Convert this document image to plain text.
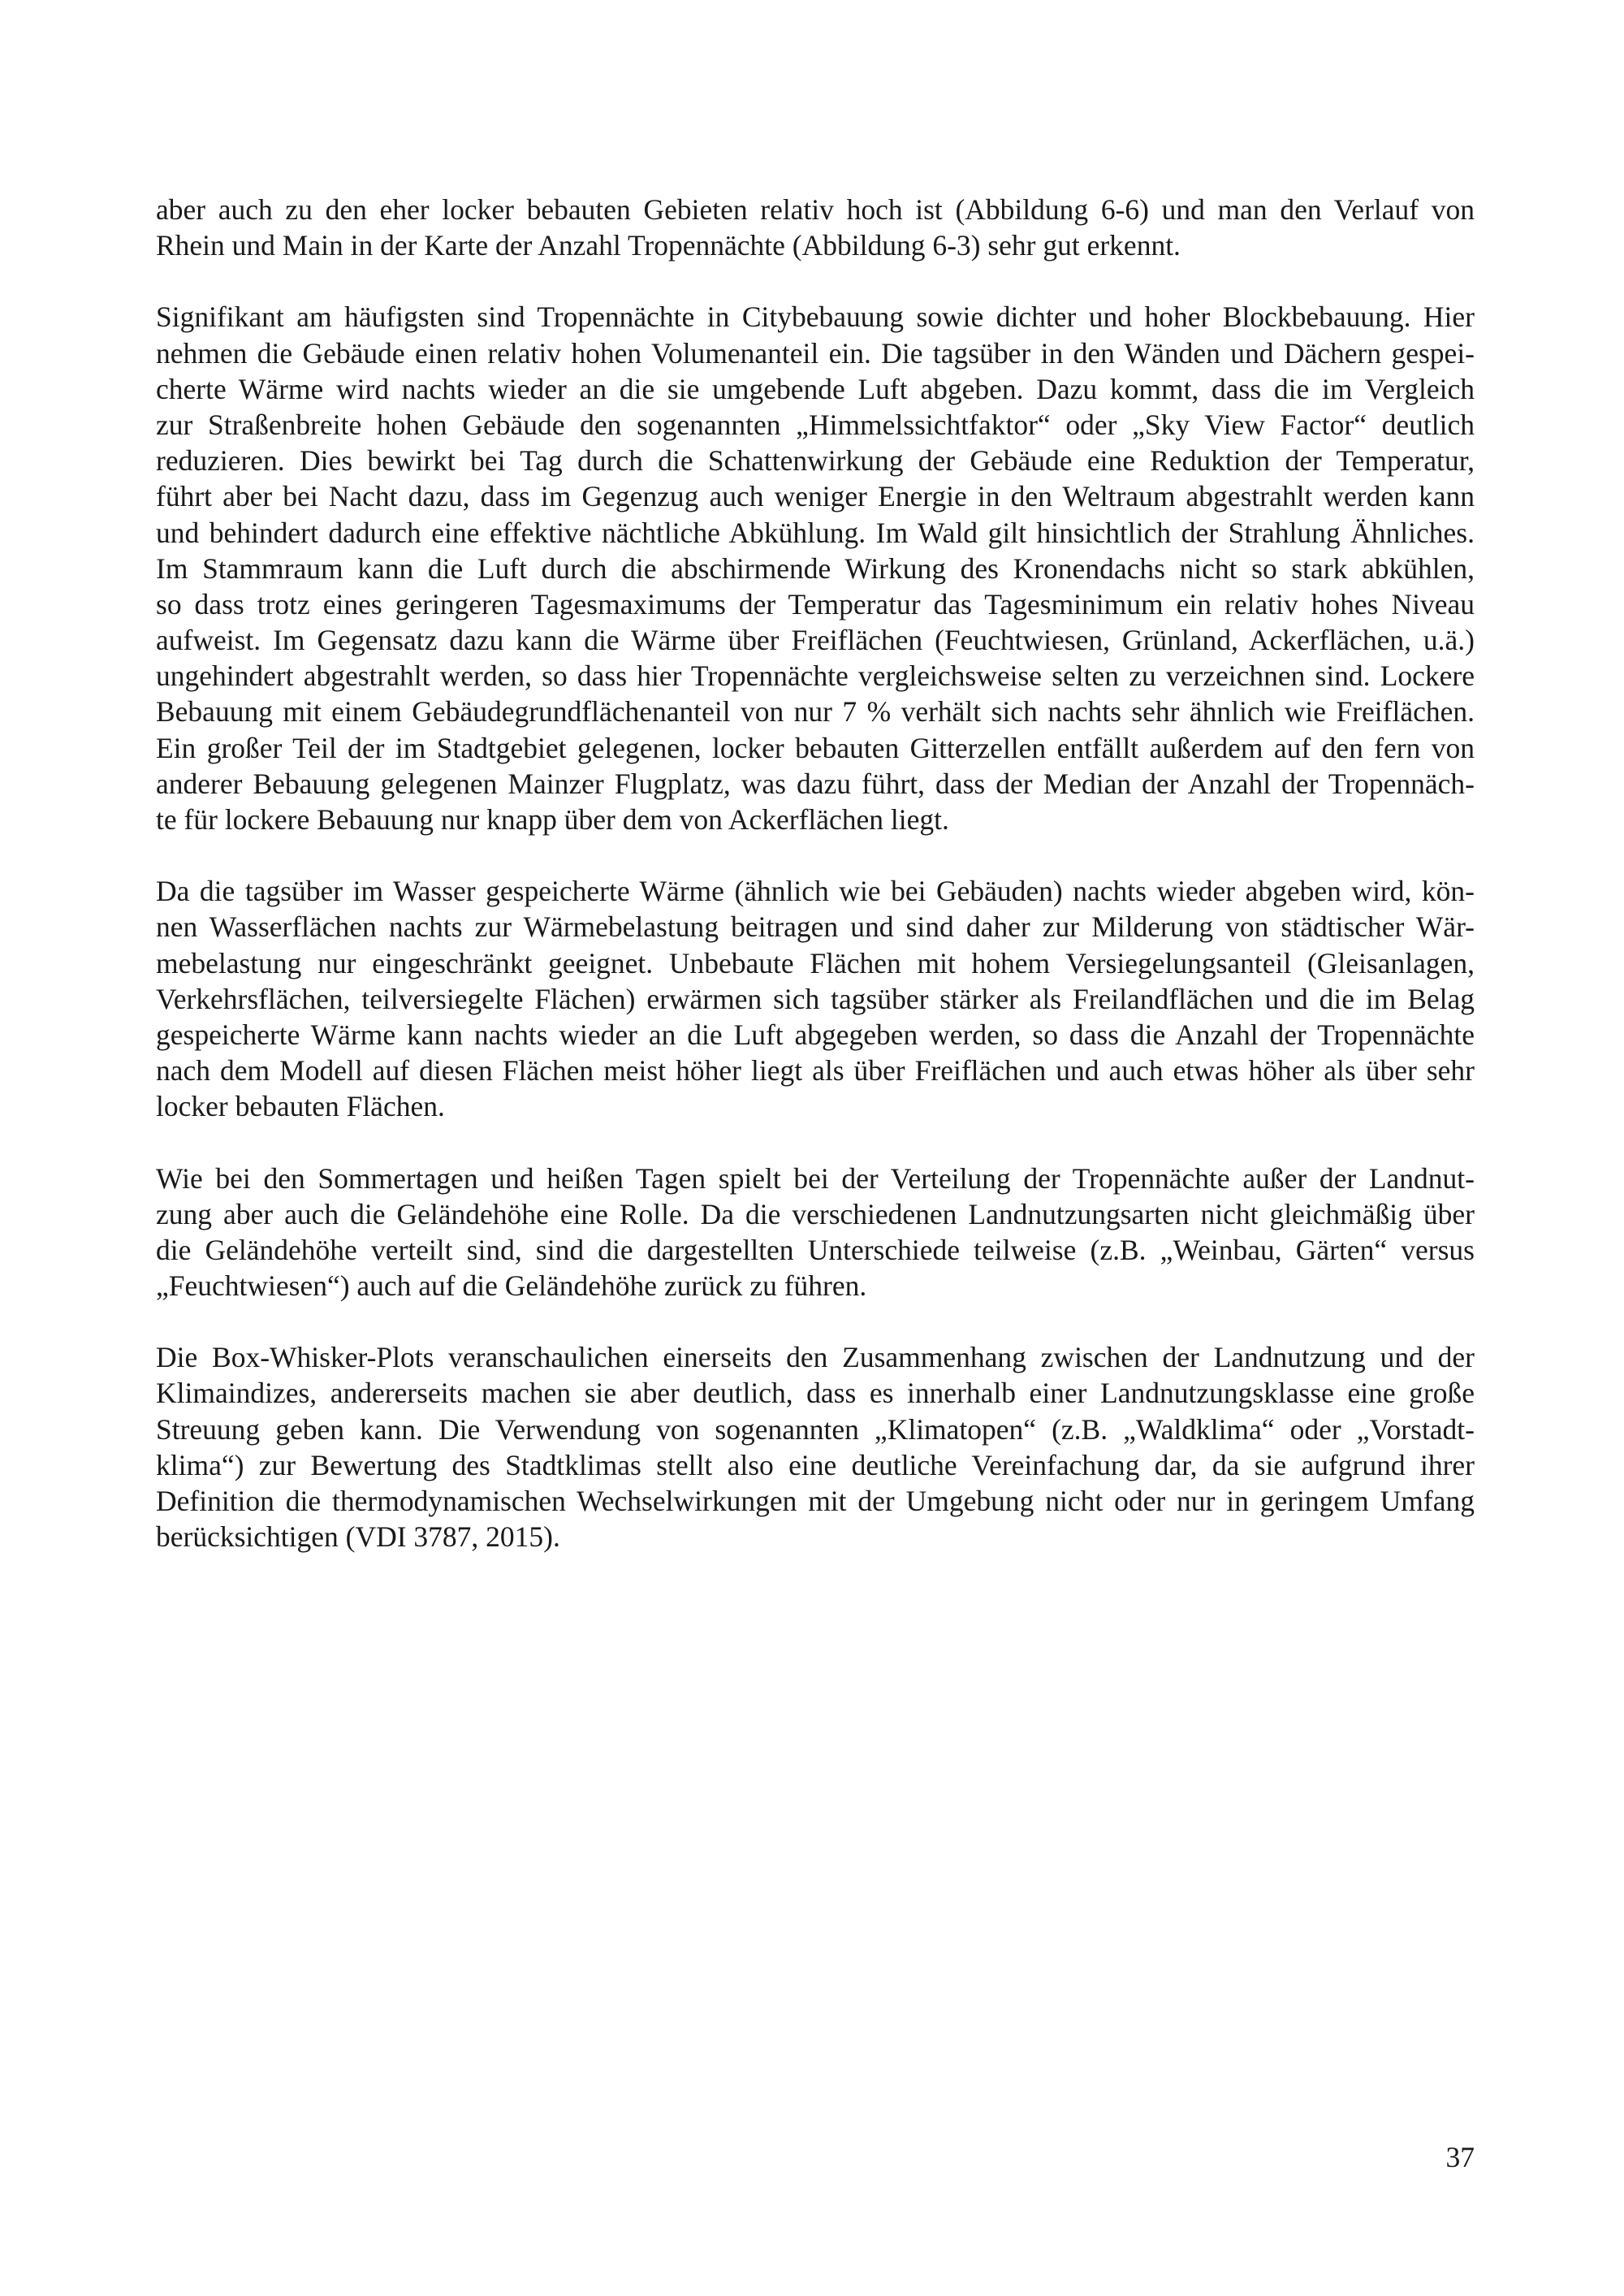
aber auch zu den eher locker bebauten Gebieten relativ hoch ist (Abbildung 6-6) und man den Verlauf von
Rhein und Main in der Karte der Anzahl Tropennächte (Abbildung 6-3) sehr gut erkennt.

Signifikant am häufigsten sind Tropennächte in Citybebauung sowie dichter und hoher Blockbebauung. Hier
nehmen die Gebäude einen relativ hohen Volumenanteil ein. Die tagsüber in den Wänden und Dächern gespei-
cherte Wärme wird nachts wieder an die sie umgebende Luft abgeben. Dazu kommt, dass die im Vergleich
zur Straßenbreite hohen Gebäude den sogenannten „Himmelssichtfaktor“ oder „Sky View Factor“ deutlich
reduzieren. Dies bewirkt bei Tag durch die Schattenwirkung der Gebäude eine Reduktion der Temperatur,
führt aber bei Nacht dazu, dass im Gegenzug auch weniger Energie in den Weltraum abgestrahlt werden kann
und behindert dadurch eine effektive nächtliche Abkühlung. Im Wald gilt hinsichtlich der Strahlung Ähnliches.
Im Stammraum kann die Luft durch die abschirmende Wirkung des Kronendachs nicht so stark abkühlen,
so dass trotz eines geringeren Tagesmaximums der Temperatur das Tagesminimum ein relativ hohes Niveau
aufweist. Im Gegensatz dazu kann die Wärme über Freiflächen (Feuchtwiesen, Grünland, Ackerflächen, u.ä.)
ungehindert abgestrahlt werden, so dass hier Tropennächte vergleichsweise selten zu verzeichnen sind. Lockere
Bebauung mit einem Gebäudegrundflächenanteil von nur 7 % verhält sich nachts sehr ähnlich wie Freiflächen.
Ein großer Teil der im Stadtgebiet gelegenen, locker bebauten Gitterzellen entfällt außerdem auf den fern von
anderer Bebauung gelegenen Mainzer Flugplatz, was dazu führt, dass der Median der Anzahl der Tropennäch-
te für lockere Bebauung nur knapp über dem von Ackerflächen liegt.

Da die tagsüber im Wasser gespeicherte Wärme (ähnlich wie bei Gebäuden) nachts wieder abgeben wird, kön-
nen Wasserflächen nachts zur Wärmebelastung beitragen und sind daher zur Milderung von städtischer Wär-
mebelastung nur eingeschränkt geeignet. Unbebaute Flächen mit hohem Versiegelungsanteil (Gleisanlagen,
Verkehrsflächen, teilversiegelte Flächen) erwärmen sich tagsüber stärker als Freilandflächen und die im Belag
gespeicherte Wärme kann nachts wieder an die Luft abgegeben werden, so dass die Anzahl der Tropennächte
nach dem Modell auf diesen Flächen meist höher liegt als über Freiflächen und auch etwas höher als über sehr
locker bebauten Flächen.

Wie bei den Sommertagen und heißen Tagen spielt bei der Verteilung der Tropennächte außer der Landnut-
zung aber auch die Geländehöhe eine Rolle. Da die verschiedenen Landnutzungsarten nicht gleichmäßig über
die Geländehöhe verteilt sind, sind die dargestellten Unterschiede teilweise (z.B. „Weinbau, Gärten“ versus
„Feuchtwiesen“) auch auf die Geländehöhe zurück zu führen.

Die Box-Whisker-Plots veranschaulichen einerseits den Zusammenhang zwischen der Landnutzung und der
Klimaindizes, andererseits machen sie aber deutlich, dass es innerhalb einer Landnutzungsklasse eine große
Streuung geben kann. Die Verwendung von sogenannten „Klimatopen“ (z.B. „Waldklima“ oder „Vorstadt-
klima“) zur Bewertung des Stadtklimas stellt also eine deutliche Vereinfachung dar, da sie aufgrund ihrer
Definition die thermodynamischen Wechselwirkungen mit der Umgebung nicht oder nur in geringem Umfang
berücksichtigen (VDI 3787, 2015).

37
